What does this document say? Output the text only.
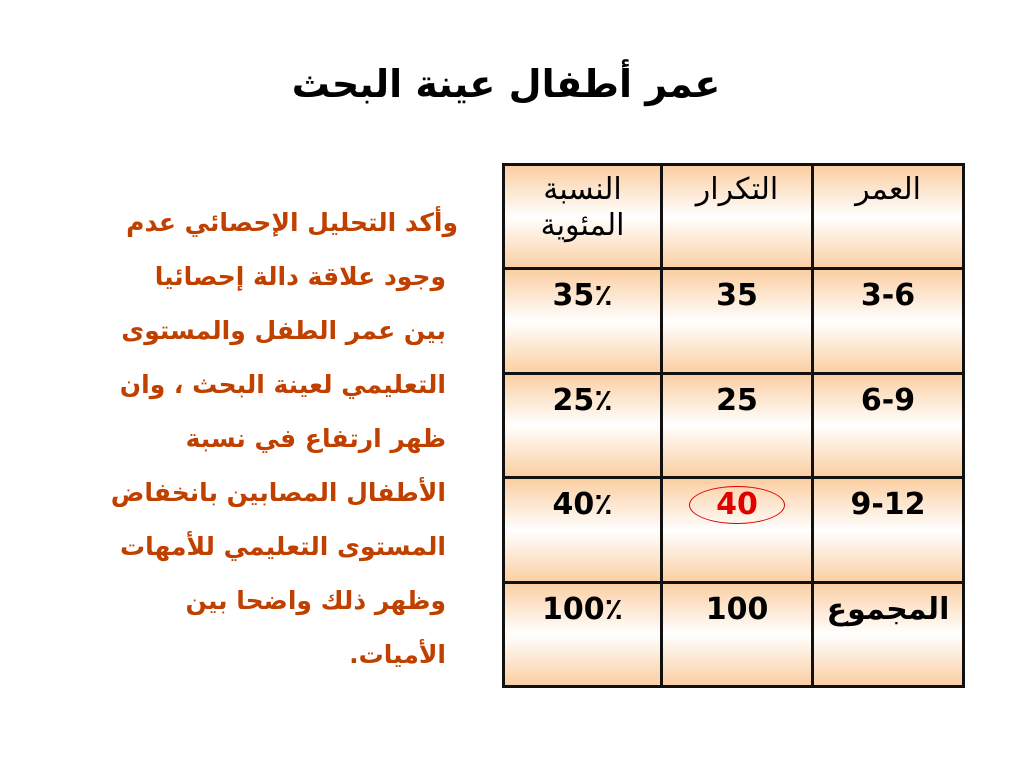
عمر أطفال عينة البحث
وأكد التحليل الإحصائي عدم
وجود علاقة دالة إحصائيا
بين عمر الطفل والمستوى
التعليمي لعينة البحث ، وان
ظهر ارتفاع في نسبة
الأطفال المصابين بانخفاض
المستوى التعليمي للأمهات
وظهر ذلك واضحا بين
الأميات.
العمر	التكرار	النسبة المئوية
3-6	35	35٪
6-9	25	25٪
9-12	40	40٪
المجموع	100	100٪
